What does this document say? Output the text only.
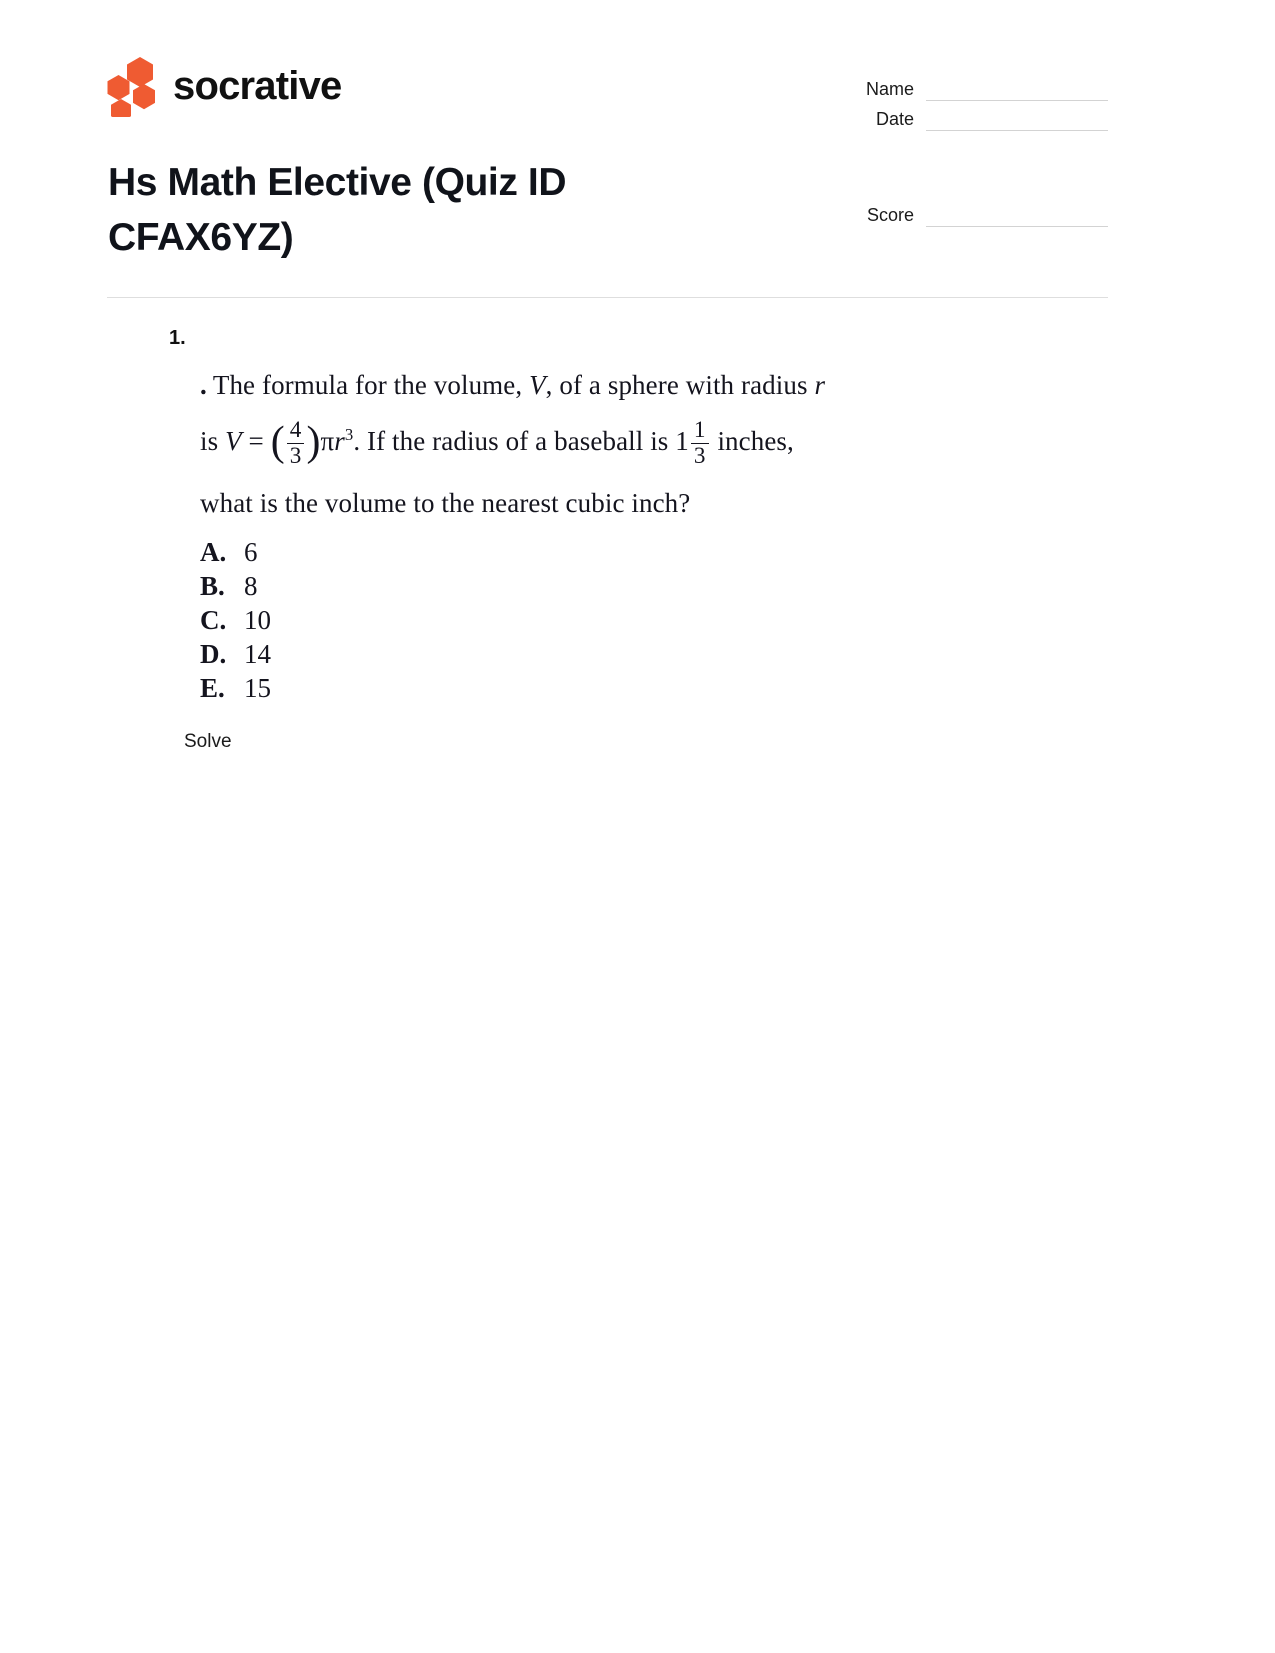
socrative
Hs Math Elective (Quiz ID CFAX6YZ)
Name
Date
Score
1.
. The formula for the volume, V, of a sphere with radius r
is V = ( $\frac{4}{3} )\pi r^3$. If the radius of a baseball is $1 \frac{1}{3}$ inches,
what is the volume to the nearest cubic inch?
A. 6
B. 8
C. 10
D. 14
E. 15
Solve
